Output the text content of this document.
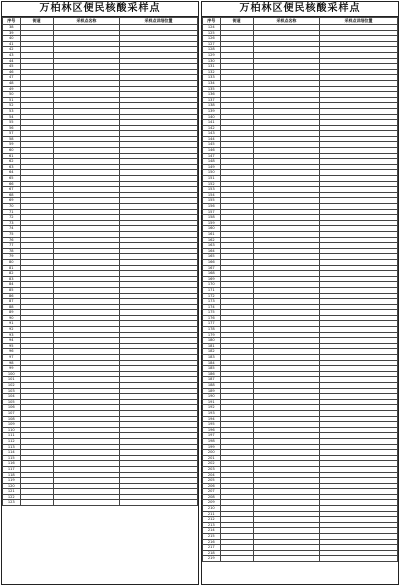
万柏林区便民核酸采样点
序号	街道	采样点名称	采样点详细位置
38			
39			
40			
41			
42			
43			
44			
45			
46			
47			
48			
49			
50			
51			
52			
53			
54			
55			
56			
57			
58			
59			
60			
61			
62			
63			
64			
65			
66			
67			
68			
69			
70			
71			
72			
73			
74			
75			
76			
77			
78			
79			
80			
81			
82			
83			
84			
85			
86			
87			
88			
89			
90			
91			
92			
93			
94			
95			
96			
97			
98			
99			
100			
101			
102			
103			
104			
105			
106			
107			
108			
109			
110			
111			
112			
113			
114			
115			
116			
117			
118			
119			
120			
121			
122			
123			
万柏林区便民核酸采样点
序号	街道	采样点名称	采样点详细位置
124			
125			
126			
127			
128			
129			
130			
131			
132			
133			
134			
135			
136			
137			
138			
139			
140			
141			
142			
143			
144			
145			
146			
147			
148			
149			
150			
151			
152			
153			
154			
155			
156			
157			
158			
159			
160			
161			
162			
163			
164			
165			
166			
167			
168			
169			
170			
171			
172			
173			
174			
175			
176			
177			
178			
179			
180			
181			
182			
183			
184			
185			
186			
187			
188			
189			
190			
191			
192			
193			
194			
195			
196			
197			
198			
199			
200			
201			
202			
203			
204			
205			
206			
207			
208			
209			
210			
211			
212			
213			
214			
215			
216			
217			
218			
219			
